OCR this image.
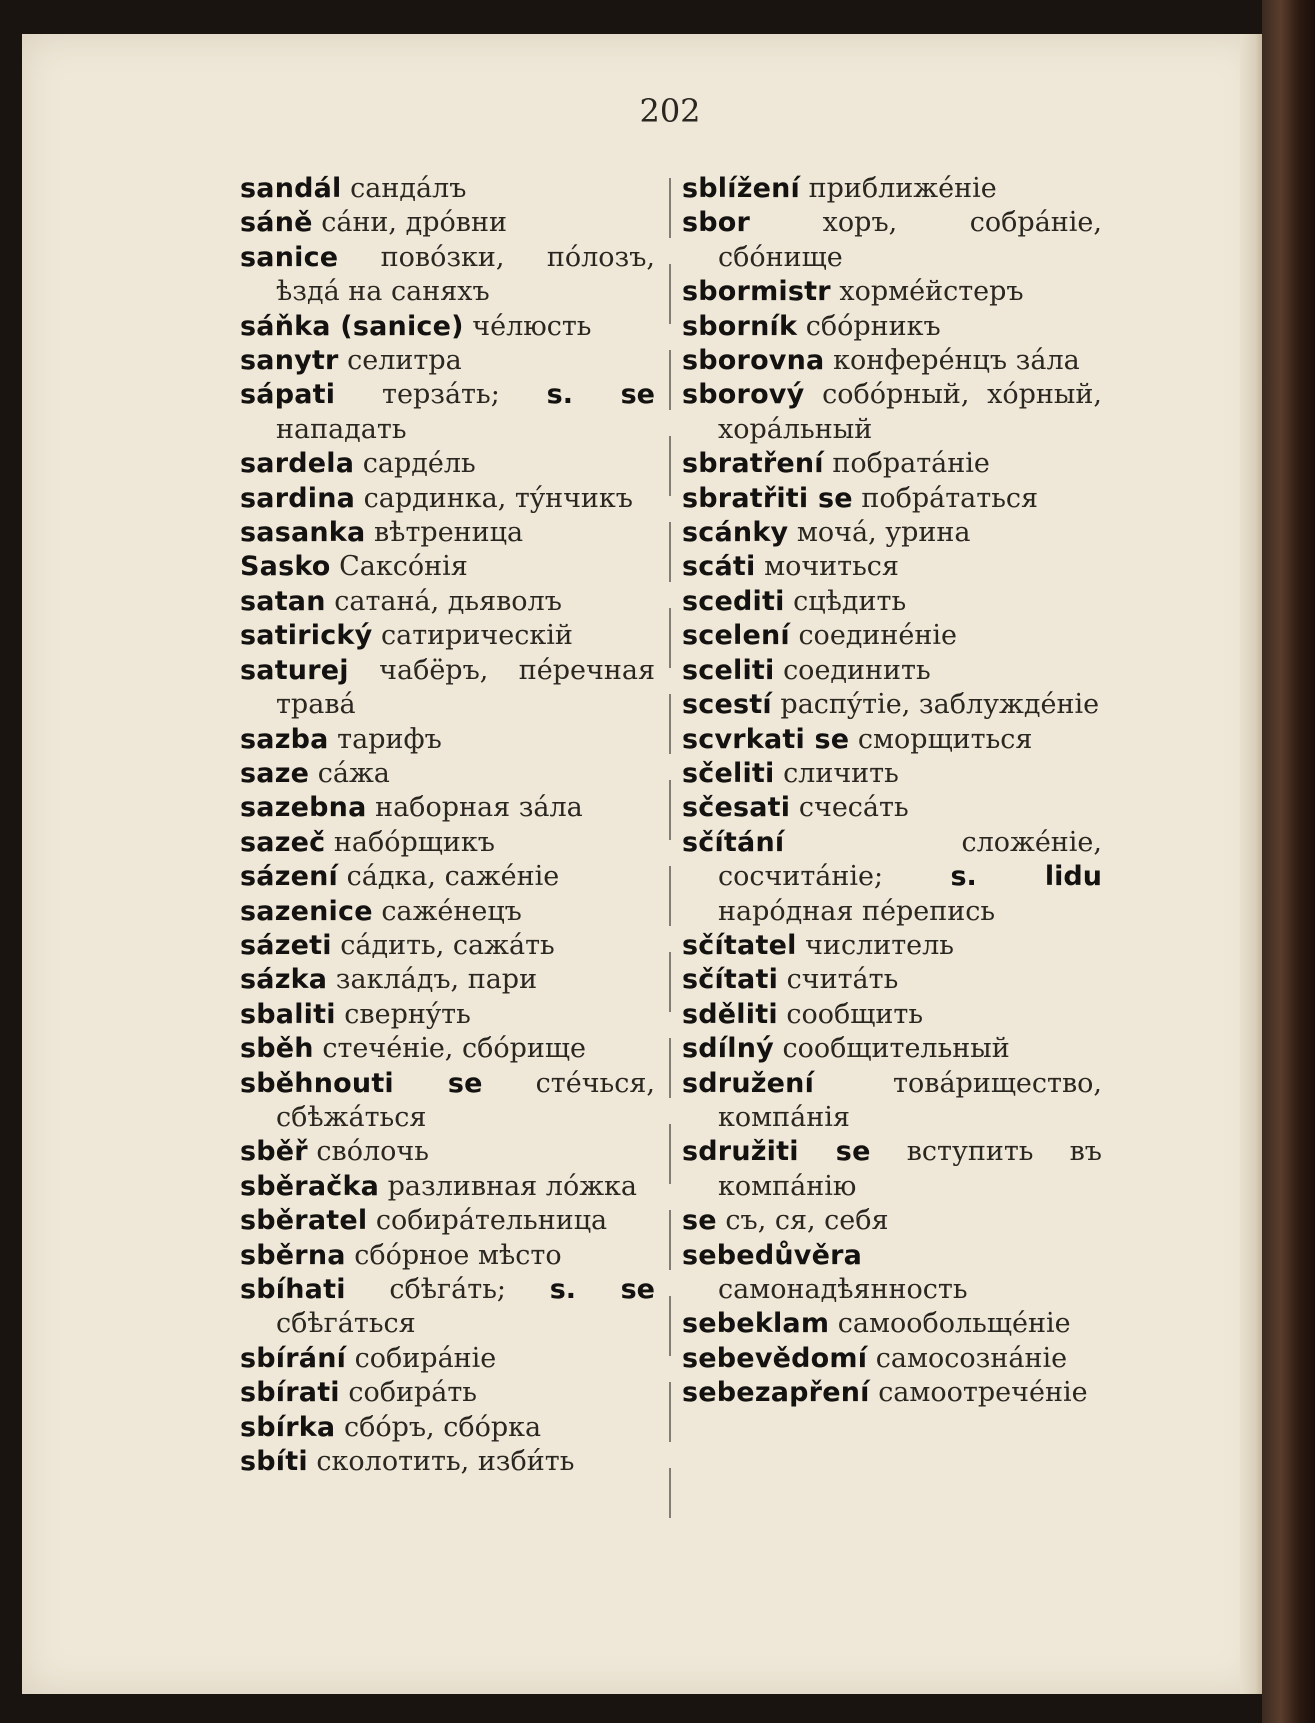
202
sandál сандáлъ
sáně сáни, дрóвни
sanice повóзки, пóлозъ, ѣздá на саняхъ
sáňka (sanice) чéлюсть
sanytr селитра
sápati терзáть; s. se нападать
sardela сардéль
sardina сардинка, тýнчикъ
sasanka вѣтреница
Sasko Саксóнія
satan сатанá, дьяволъ
satirický сатирическій
saturej чабёръ, пéречная травá
sazba тарифъ
saze сáжа
sazebna наборная зáла
sazeč набóрщикъ
sázení сáдка, сажéніе
sazenice сажéнецъ
sázeti сáдить, сажáть
sázka заклáдъ, пари
sbaliti свернýть
sběh стечéніе, сбóрище
sběhnouti se стéчься, сбѣжáться
sběř свóлочь
sběračka разливная лóжка
sběratel собирáтельница
sběrna сбóрное мѣсто
sbíhati сбѣгáть; s. se сбѣгáться
sbírání собирáніе
sbírati собирáть
sbírka сбóръ, сбóрка
sbíti сколотить, изби́ть
sblížení приближéніе
sbor	хоръ, собрáніе, сбóнище
sbormistr хормéйстеръ
sborník сбóрникъ
sborovna конферéнцъ зáла
sborový собóрный, хóрный, хорáльный
sbratření побратáніе
sbratřiti se побрáтаться
scánky мочá, урина
scáti мочиться
scediti сцѣдить
scelení соединéніе
sceliti соединить
scestí распýтіе, заблуждéніе
scvrkati se сморщиться
sčeliti сличить
sčesati счесáть
sčítání	сложéніе, сосчитáніе; s. lidu нарóдная пéрепись
sčítatel числитель
sčítati считáть
sděliti сообщить
sdílný сообщительный
sdružení	товáрищество, компáнія
sdružiti se вступить въ компáнію
se съ, ся, себя
sebedůvěra самонадѣянность
sebeklam самообольщéніе
sebevědomí самосознáніе
sebezapření самоотречéніе
